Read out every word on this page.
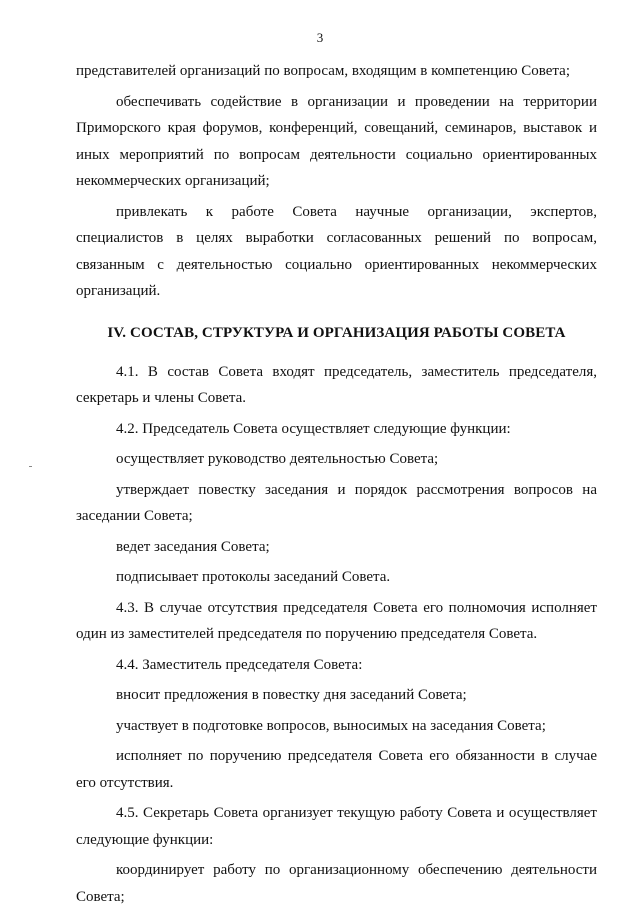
3

представителей организаций по вопросам, входящим в компетенцию Совета;

обеспечивать содействие в организации и проведении на территории Приморского края форумов, конференций, совещаний, семинаров, выставок и иных мероприятий по вопросам деятельности социально ориентированных некоммерческих организаций;

привлекать к работе Совета научные организации, экспертов, специалистов в целях выработки согласованных решений по вопросам, связанным с деятельностью социально ориентированных некоммерческих организаций.

IV. СОСТАВ, СТРУКТУРА И ОРГАНИЗАЦИЯ РАБОТЫ СОВЕТА

4.1. В состав Совета входят председатель, заместитель председателя, секретарь и члены Совета.

4.2. Председатель Совета осуществляет следующие функции:

осуществляет руководство деятельностью Совета;

утверждает повестку заседания и порядок рассмотрения вопросов на заседании Совета;

ведет заседания Совета;

подписывает протоколы заседаний Совета.

4.3. В случае отсутствия председателя Совета его полномочия исполняет один из заместителей председателя по поручению председателя Совета.

4.4. Заместитель председателя Совета:

вносит предложения в повестку дня заседаний Совета;

участвует в подготовке вопросов, выносимых на заседания Совета;

исполняет по поручению председателя Совета его обязанности в случае его отсутствия.

4.5. Секретарь Совета организует текущую работу Совета и осуществляет следующие функции:

координирует работу по организационному обеспечению деятельности Совета;
